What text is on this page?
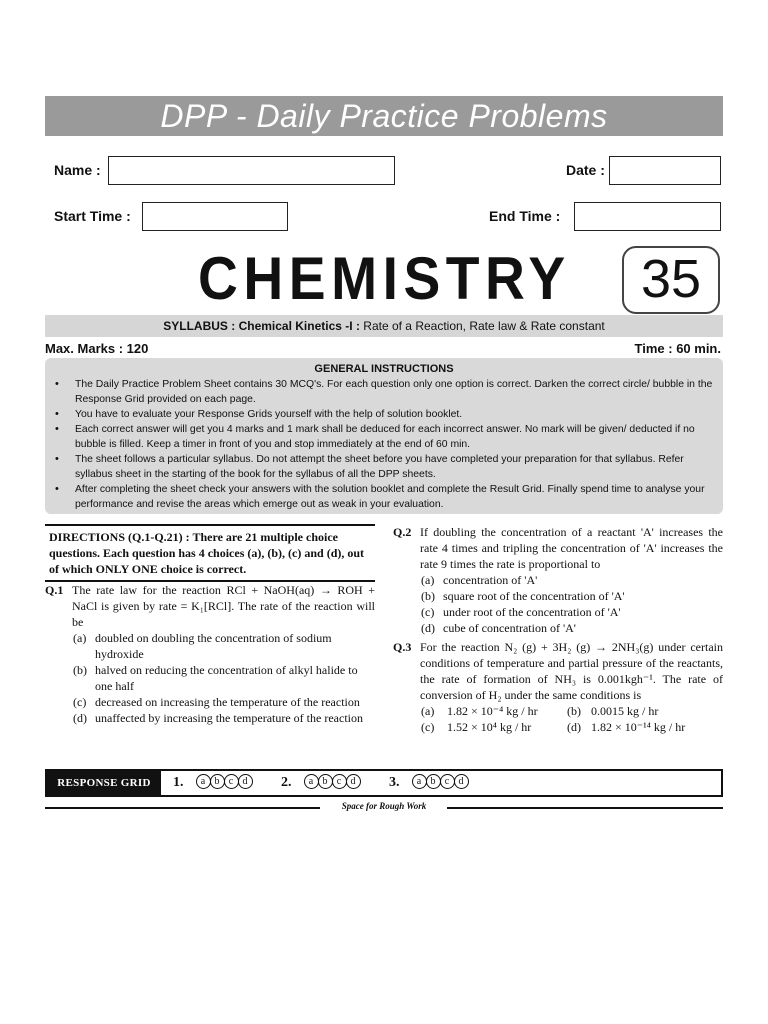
DPP - Daily Practice Problems
Name :	Date :
Start Time :	End Time :
CHEMISTRY	35
SYLLABUS : Chemical Kinetics -I : Rate of a Reaction, Rate law & Rate constant
Max. Marks : 120	Time : 60 min.
GENERAL INSTRUCTIONS
• The Daily Practice Problem Sheet contains 30 MCQ's. For each question only one option is correct. Darken the correct circle/ bubble in the Response Grid provided on each page.
• You have to evaluate your Response Grids yourself with the help of solution booklet.
• Each correct answer will get you 4 marks and 1 mark shall be deduced for each incorrect answer. No mark will be given/ deducted if no bubble is filled. Keep a timer in front of you and stop immediately at the end of 60 min.
• The sheet follows a particular syllabus. Do not attempt the sheet before you have completed your preparation for that syllabus. Refer syllabus sheet in the starting of the book for the syllabus of all the DPP sheets.
• After completing the sheet check your answers with the solution booklet and complete the Result Grid. Finally spend time to analyse your performance and revise the areas which emerge out as weak in your evaluation.
DIRECTIONS (Q.1-Q.21) : There are 21 multiple choice questions. Each question has 4 choices (a), (b), (c) and (d), out of which ONLY ONE choice is correct.
Q.1 The rate law for the reaction RCl + NaOH(aq) → ROH + NaCl is given by rate = K₁[RCl]. The rate of the reaction will be
(a) doubled on doubling the concentration of sodium hydroxide
(b) halved on reducing the concentration of alkyl halide to one half
(c) decreased on increasing the temperature of the reaction
(d) unaffected by increasing the temperature of the reaction
Q.2 If doubling the concentration of a reactant 'A' increases the rate 4 times and tripling the concentration of 'A' increases the rate 9 times the rate is proportional to
(a) concentration of 'A'
(b) square root of the concentration of 'A'
(c) under root of the concentration of 'A'
(d) cube of concentration of 'A'
Q.3 For the reaction N₂ (g) + 3H₂ (g) → 2NH₃(g) under certain conditions of temperature and partial pressure of the reactants, the rate of formation of NH₃ is 0.001kgh⁻¹. The rate of conversion of H₂ under the same conditions is
(a) 1.82 × 10⁻⁴ kg / hr (b) 0.0015 kg / hr
(c) 1.52 × 10⁴ kg / hr	(d) 1.82 × 10⁻¹⁴ kg / hr
RESPONSE GRID	1. a b c d	2. a b c d	3. a b c d
Space for Rough Work
